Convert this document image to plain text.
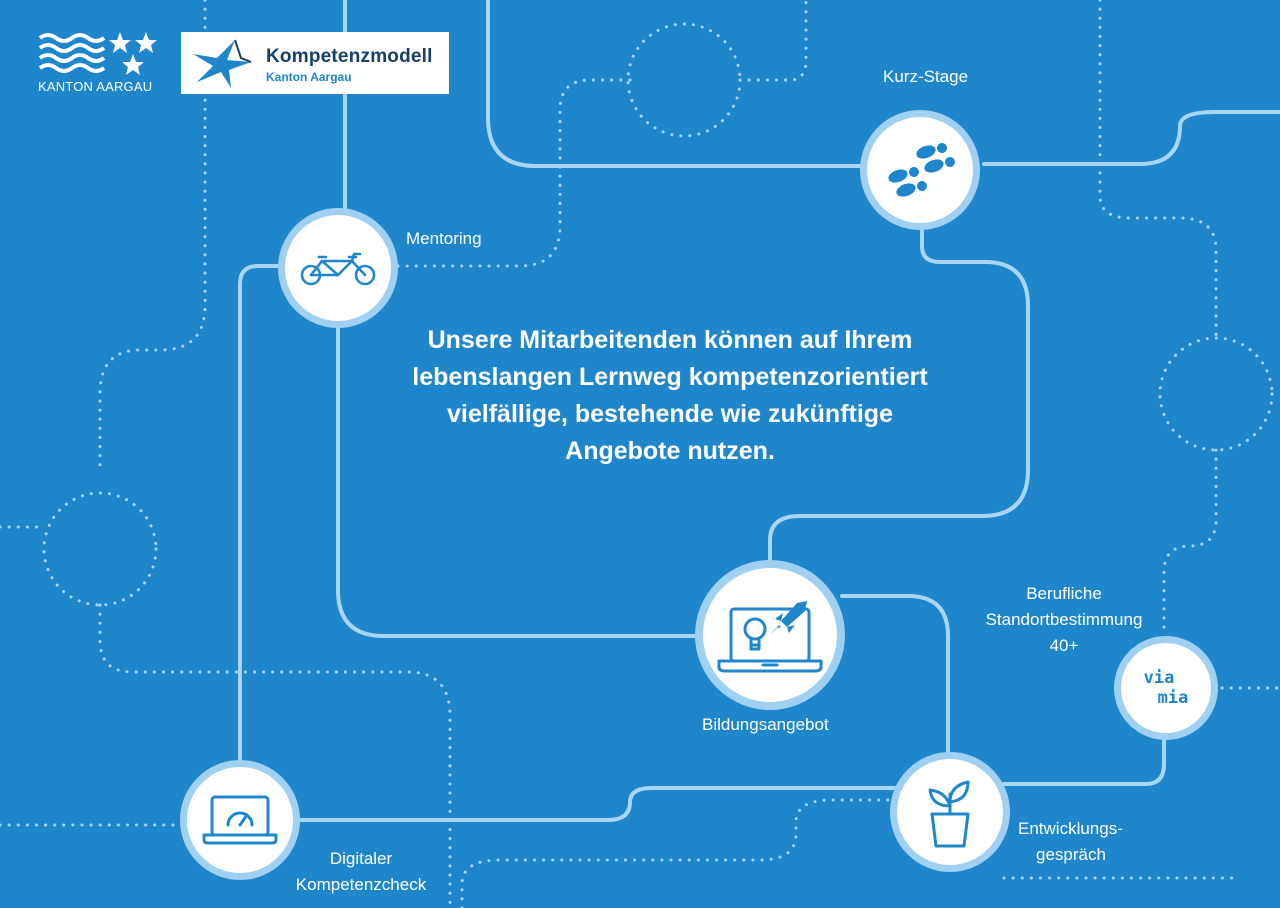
KANTON AARGAU
Kompetenzmodell
Kanton Aargau

Unsere Mitarbeitenden können auf Ihrem lebenslangen Lernweg kompetenzorientiert vielfällige, bestehende wie zukünftige Angebote nutzen.

Mentoring
Kurz-Stage
Bildungsangebot
via
mia
Berufliche
Standortbestimmung
40+
Entwicklungs-
gespräch
Digitaler
Kompetenzcheck
